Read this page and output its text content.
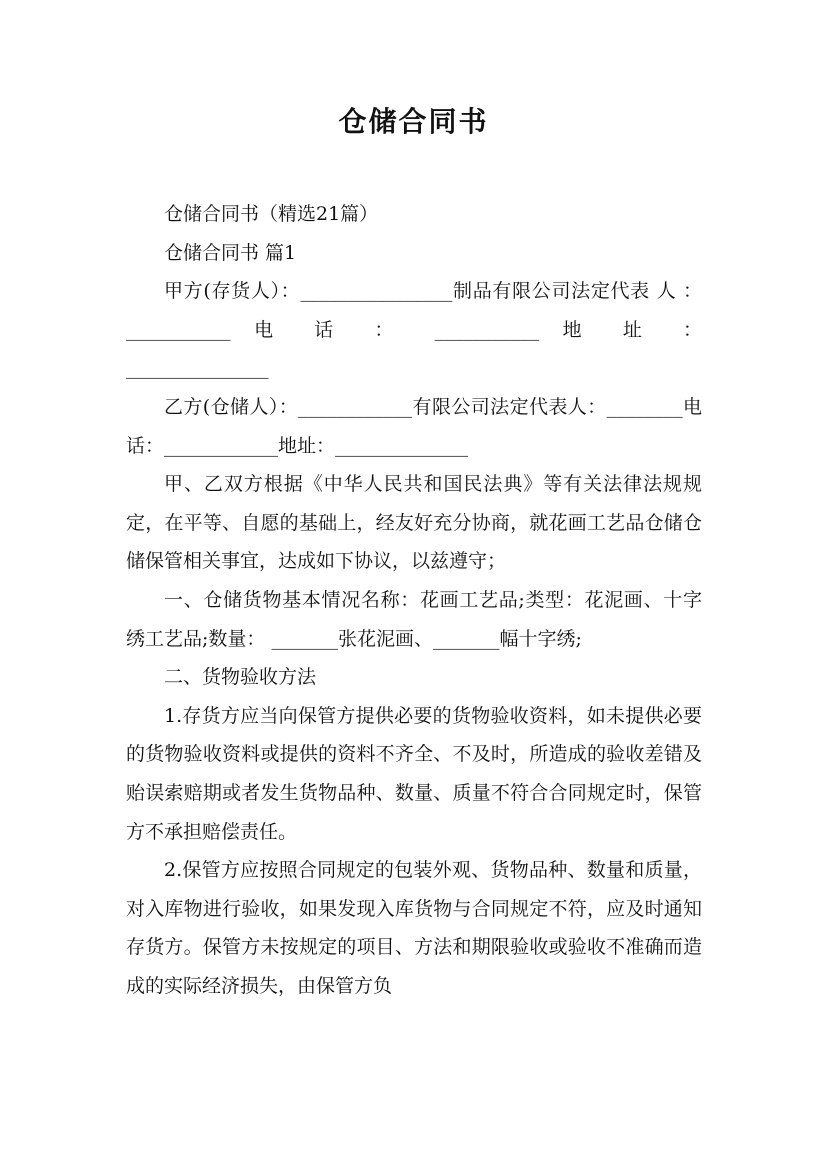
仓储合同书

仓储合同书（精选21篇）

仓储合同书 篇1

甲方(存货人）：________________制品有限公司法定代表 人 ： ___________ 电 话 ： ___________ 地 址 ：

_______________

乙方(仓储人）：____________有限公司法定代表人：________电话：____________地址：______________

甲、乙双方根据《中华人民共和国民法典》等有关法律法规规定，在平等、自愿的基础上，经友好充分协商，就花画工艺品仓储仓储保管相关事宜，达成如下协议，以兹遵守；

一、仓储货物基本情况名称：花画工艺品;类型：花泥画、十字绣工艺品;数量： _______张花泥画、_______幅十字绣;

二、货物验收方法

1.存货方应当向保管方提供必要的货物验收资料，如未提供必要的货物验收资料或提供的资料不齐全、不及时，所造成的验收差错及贻误索赔期或者发生货物品种、数量、质量不符合合同规定时，保管方不承担赔偿责任。

2.保管方应按照合同规定的包装外观、货物品种、数量和质量，对入库物进行验收，如果发现入库货物与合同规定不符，应及时通知存货方。保管方未按规定的项目、方法和期限验收或验收不准确而造成的实际经济损失，由保管方负
